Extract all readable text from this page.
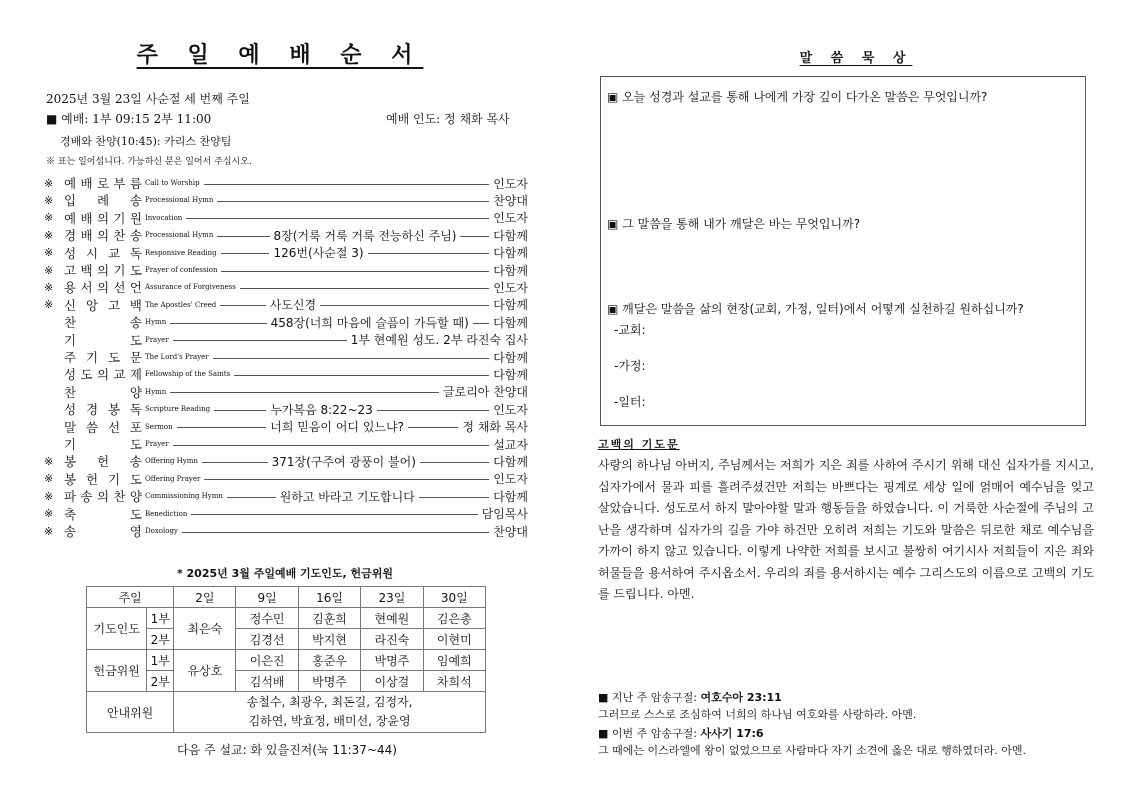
주 일 예 배 순 서
2025년 3월 23일 사순절 세 번째 주일
■ 예배: 1부 09:15 2부 11:00	예배 인도: 정 채화 목사
경배와 찬양(10:45): 카리스 찬양팀
※ 표는 일어섭니다. 가능하신 분은 일어서 주십시오.
※ 예 배 로 부 름 Call to Worship	인도자
※ 입 례 송 Processional Hymn	찬양대
※ 예 배 의 기 원 Invocation	인도자
※ 경 배 의 찬 송 Processional Hymn	8장(거룩 거룩 거룩 전능하신 주님)	다함께
※ 성 시 교 독 Responsive Reading	126번(사순절 3)	다함께
※ 고 백 의 기 도 Prayer of confession	다함께
※ 용 서 의 선 언 Assurance of Forgiveness	인도자
※ 신 앙 고 백 The Apostles' Creed	사도신경	다함께
찬	송 Hymn	458장(너희 마음에 슬픔이 가득할 때) 다함께
기	도 Prayer	1부 현예원 성도. 2부 라진숙 집사
주 기 도 문 The Lord's Prayer	다함께
성 도 의 교 제 Fellowship of the Saints	다함께
찬	양 Hymn	글로리아 찬양대
성 경 봉 독 Scripture Reading	누가복음 8:22~23	인도자
말 씀 선 포 Sermon	너희 믿음이 어디 있느냐?	정 채화 목사
기	도 Prayer	설교자
※ 봉 헌 송 Offering Hymn	371장(구주여 광풍이 불어)	다함께
※ 봉 헌 기 도 Offering Prayer	인도자
※ 파 송 의 찬 양 Commissioning Hymn	원하고 바라고 기도합니다	다함께
※ 축	도 Benediction	담임목사
※ 송	영 Doxology	찬양대
* 2025년 3월 주일예배 기도인도, 헌금위원
주일		2일	9일	16일	23일	30일
기도인도	1부	최은숙	정수민	김훈희	현예원	김은총
	2부		김경선	박지현	라진숙	이현미
헌금위원	1부	유상호	이은진	홍준우	박명주	임예희
	2부		김석배	박명주	이상걸	차희석
안내위원		송철수, 최광우, 최돈길, 김정자,
김하연, 박효정, 배미선, 장윤영				
다음 주 설교: 화 있을진저(눅 11:37~44)
말 씀 묵 상
▣ 오늘 성경과 설교를 통해 나에게 가장 깊이 다가온 말씀은 무엇입니까?
▣ 그 말씀을 통해 내가 깨달은 바는 무엇입니까?
▣ 깨달은 말씀을 삶의 현장(교회, 가정, 일터)에서 어떻게 실천하길 원하십니까?
-교회:
-가정:
-일터:
고백의 기도문
사랑의 하나님 아버지, 주님께서는 저희가 지은 죄를 사하여 주시기 위해 대신 십자가를 지시고, 십자가에서 물과 피를 흘려주셨건만 저희는 바쁘다는 핑계로 세상 일에 얽매어 예수님을 잊고 살았습니다. 성도로서 하지 말아야할 말과 행동들을 하였습니다. 이 거룩한 사순절에 주님의 고난을 생각하며 십자가의 길을 가야 하건만 오히려 저희는 기도와 말씀은 뒤로한 채로 예수님을 가까이 하지 않고 있습니다. 이렇게 나약한 저희를 보시고 불쌍히 여기시사 저희들이 지은 죄와 허물들을 용서하여 주시옵소서. 우리의 죄를 용서하시는 예수 그리스도의 이름으로 고백의 기도를 드립니다. 아멘.
■ 지난 주 암송구절: 여호수아 23:11
그러므로 스스로 조심하여 너희의 하나님 여호와를 사랑하라. 아멘.
■ 이번 주 암송구절: 사사기 17:6
그 때에는 이스라엘에 왕이 없었으므로 사람마다 자기 소견에 옳은 대로 행하였더라. 아멘.
